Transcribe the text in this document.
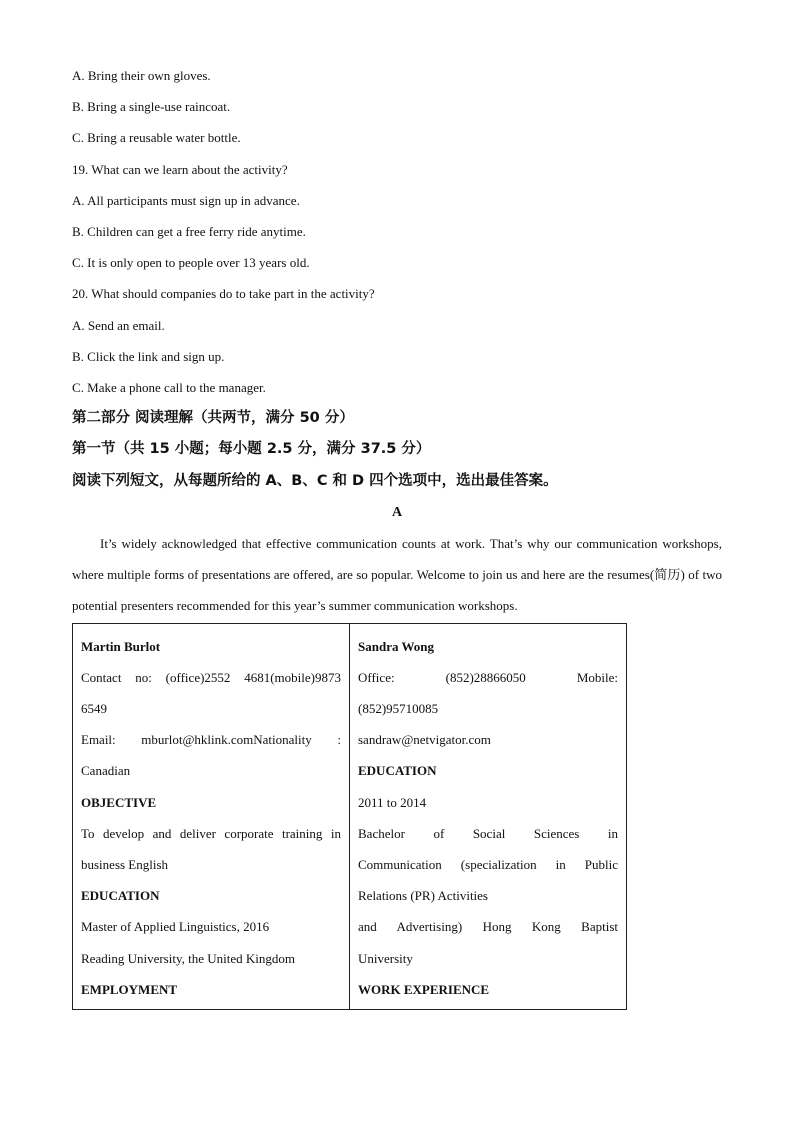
A. Bring their own gloves.
B. Bring a single-use raincoat.
C. Bring a reusable water bottle.
19. What can we learn about the activity?
A. All participants must sign up in advance.
B. Children can get a free ferry ride anytime.
C. It is only open to people over 13 years old.
20. What should companies do to take part in the activity?
A. Send an email.
B. Click the link and sign up.
C. Make a phone call to the manager.
第二部分 阅读理解（共两节，满分 50 分）
第一节（共 15 小题；每小题 2.5 分，满分 37.5 分）
阅读下列短文，从每题所给的 A、B、C 和 D 四个选项中，选出最佳答案。
A
It’s widely acknowledged that effective communication counts at work. That’s why our communication workshops, where multiple forms of presentations are offered, are so popular. Welcome to join us and here are the resumes(简历) of two potential presenters recommended for this year’s summer communication workshops.
Martin Burlot
Contact no: (office)2552 4681(mobile)9873
6549
Email: mburlot@hklink.comNationality :
Canadian
OBJECTIVE
To develop and deliver corporate training in
business English
EDUCATION
Master of Applied Linguistics, 2016
Reading University, the United Kingdom
EMPLOYMENT

Sandra Wong
Office: (852)28866050 Mobile:
(852)95710085
sandraw@netvigator.com
EDUCATION
2011 to 2014
Bachelor of Social Sciences in
Communication (specialization in Public
Relations (PR) Activities
and Advertising) Hong Kong Baptist
University
WORK EXPERIENCE
